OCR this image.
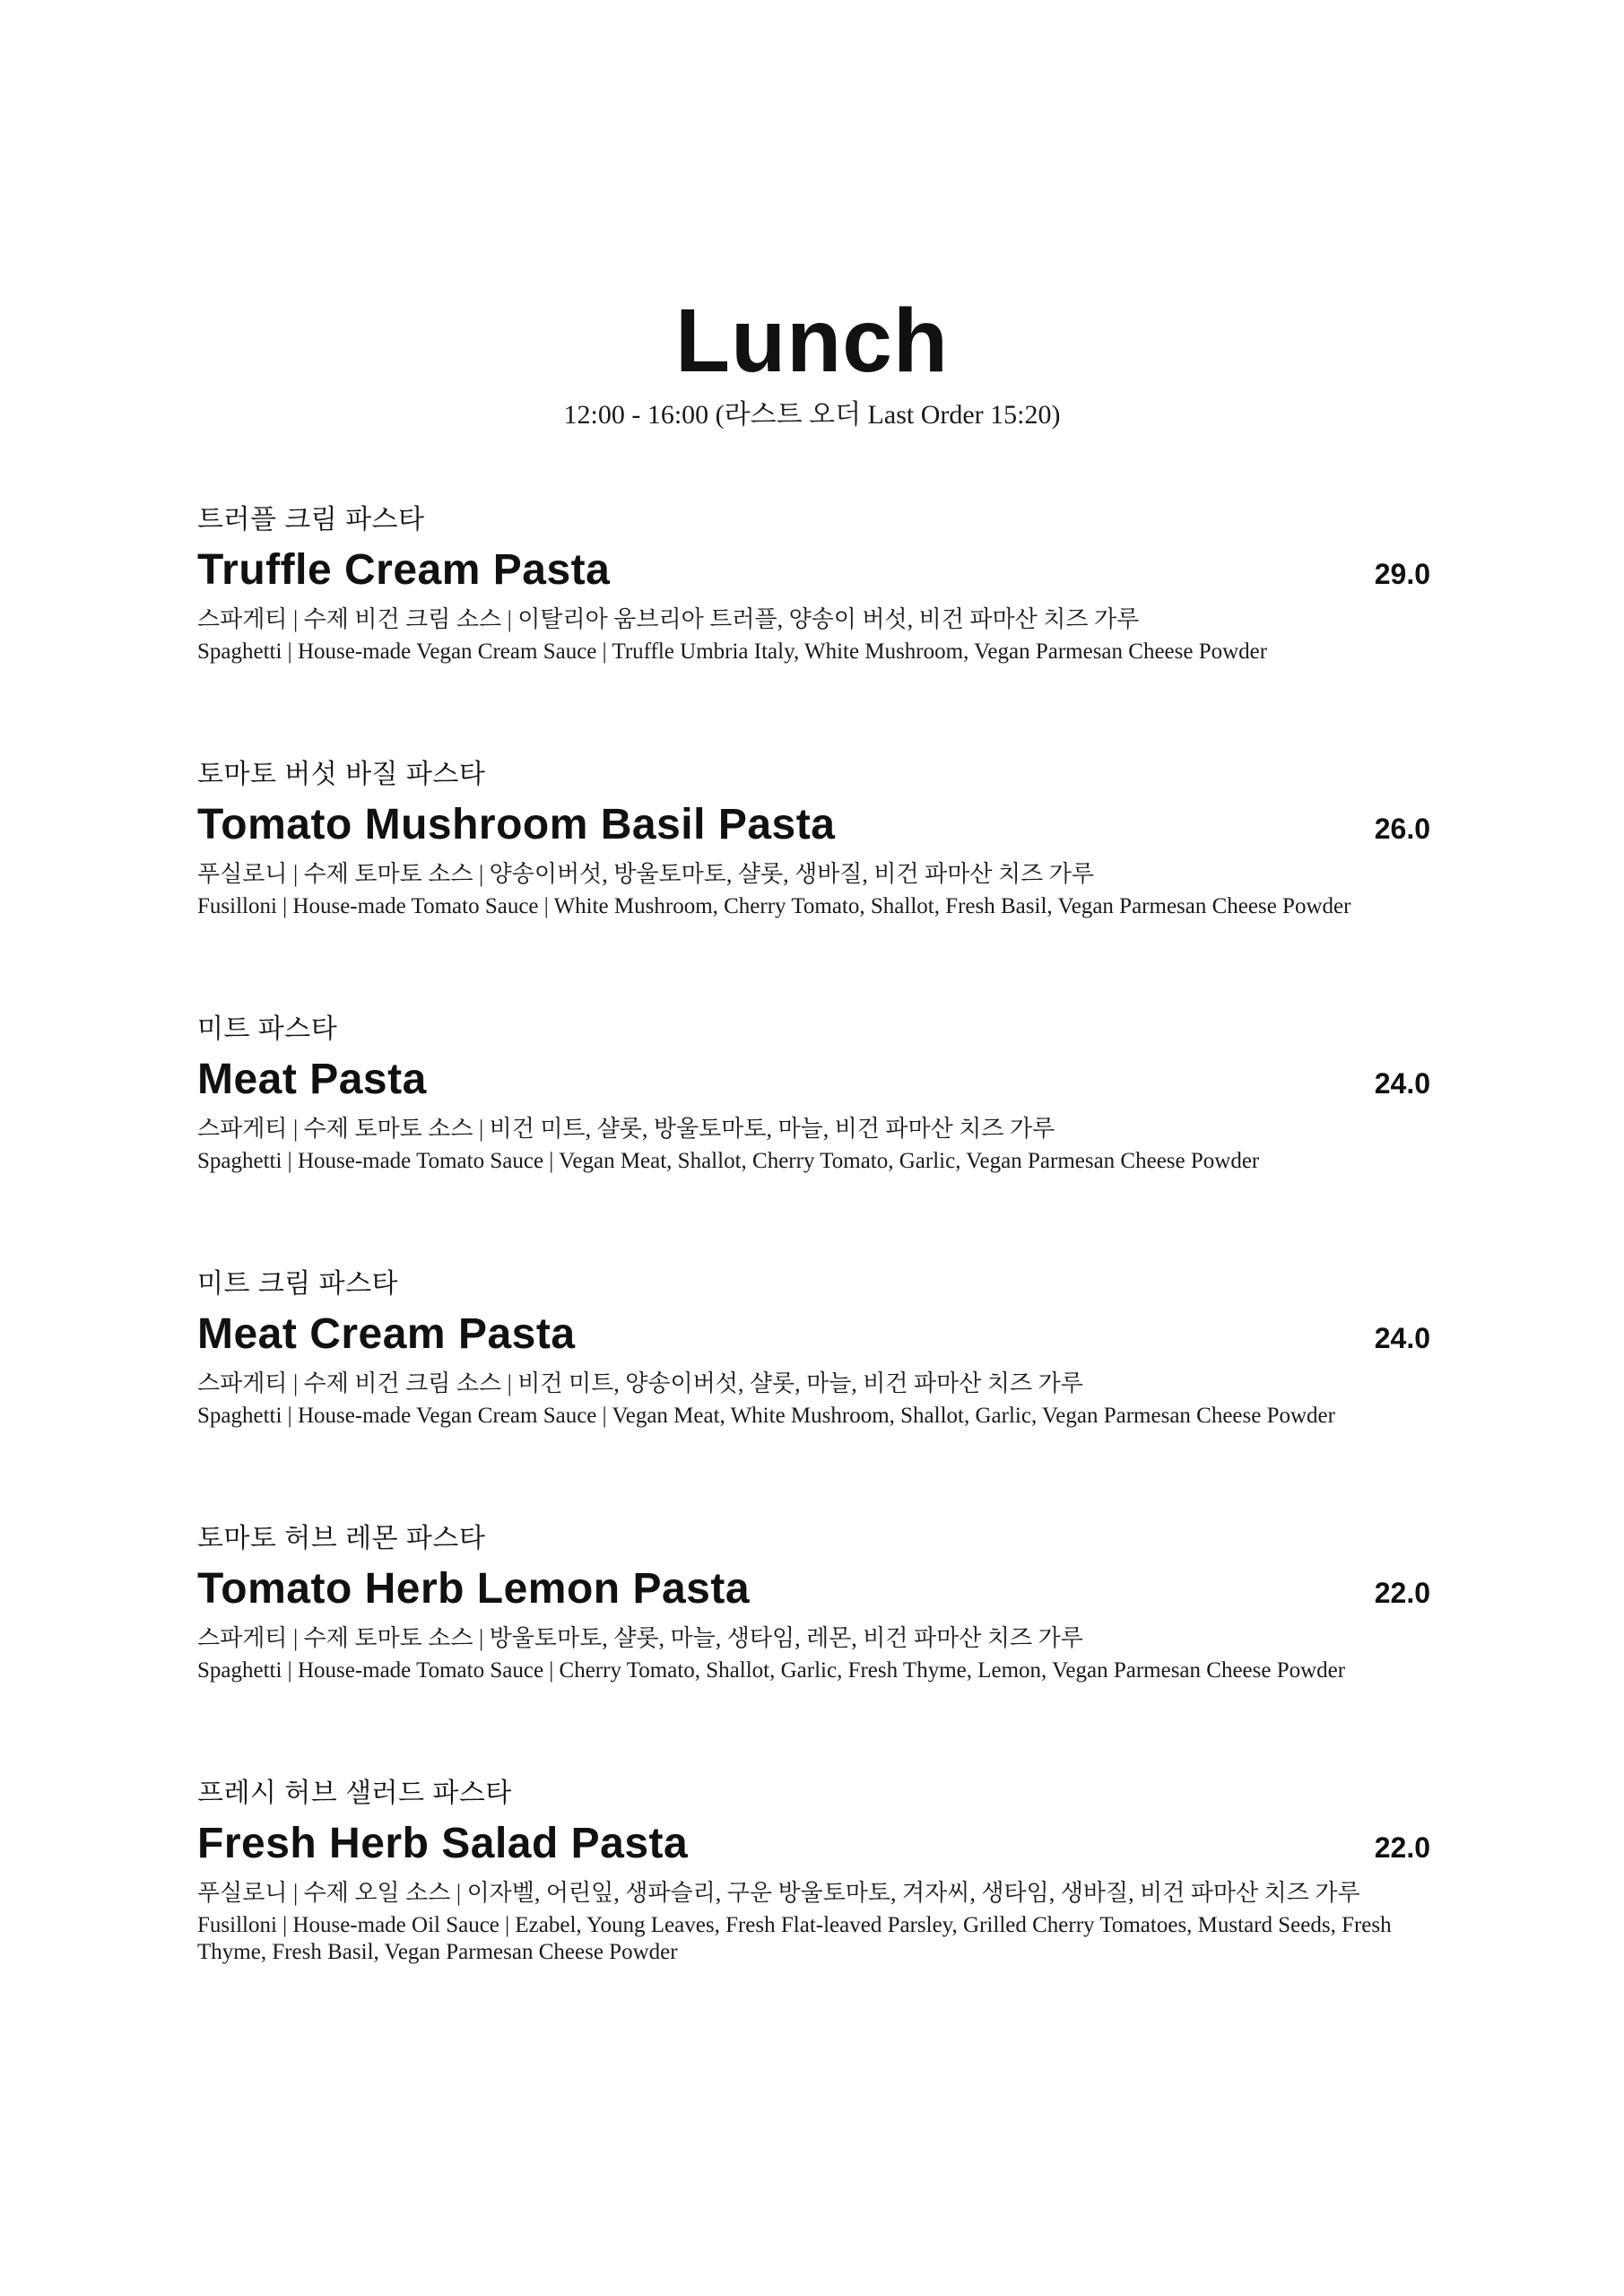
Lunch

12:00 - 16:00 (라스트 오더 Last Order 15:20)

트러플 크림 파스타
Truffle Cream Pasta	29.0

스파게티 | 수제 비건 크림 소스 | 이탈리아 움브리아 트러플, 양송이 버섯, 비건 파마산 치즈 가루

Spaghetti | House-made Vegan Cream Sauce | Truffle Umbria Italy, White Mushroom, Vegan Parmesan Cheese Powder

토마토 버섯 바질 파스타
Tomato Mushroom Basil Pasta	26.0

푸실로니 | 수제 토마토 소스 | 양송이버섯, 방울토마토, 샬롯, 생바질, 비건 파마산 치즈 가루

Fusilloni | House-made Tomato Sauce | White Mushroom, Cherry Tomato, Shallot, Fresh Basil, Vegan Parmesan Cheese Powder

미트 파스타
Meat Pasta	24.0

스파게티 | 수제 토마토 소스 | 비건 미트, 샬롯, 방울토마토, 마늘, 비건 파마산 치즈 가루

Spaghetti | House-made Tomato Sauce | Vegan Meat, Shallot, Cherry Tomato, Garlic, Vegan Parmesan Cheese Powder

미트 크림 파스타
Meat Cream Pasta	24.0

스파게티 | 수제 비건 크림 소스 | 비건 미트, 양송이버섯, 샬롯, 마늘, 비건 파마산 치즈 가루

Spaghetti | House-made Vegan Cream Sauce | Vegan Meat, White Mushroom, Shallot, Garlic, Vegan Parmesan Cheese Powder

토마토 허브 레몬 파스타
Tomato Herb Lemon Pasta	22.0

스파게티 | 수제 토마토 소스 | 방울토마토, 샬롯, 마늘, 생타임, 레몬, 비건 파마산 치즈 가루

Spaghetti | House-made Tomato Sauce | Cherry Tomato, Shallot, Garlic, Fresh Thyme, Lemon, Vegan Parmesan Cheese Powder

프레시 허브 샐러드 파스타
Fresh Herb Salad Pasta	22.0

푸실로니 | 수제 오일 소스 | 이자벨, 어린잎, 생파슬리, 구운 방울토마토, 겨자씨, 생타임, 생바질, 비건 파마산 치즈 가루

Fusilloni | House-made Oil Sauce | Ezabel, Young Leaves, Fresh Flat-leaved Parsley, Grilled Cherry Tomatoes, Mustard Seeds, Fresh Thyme, Fresh Basil, Vegan Parmesan Cheese Powder
